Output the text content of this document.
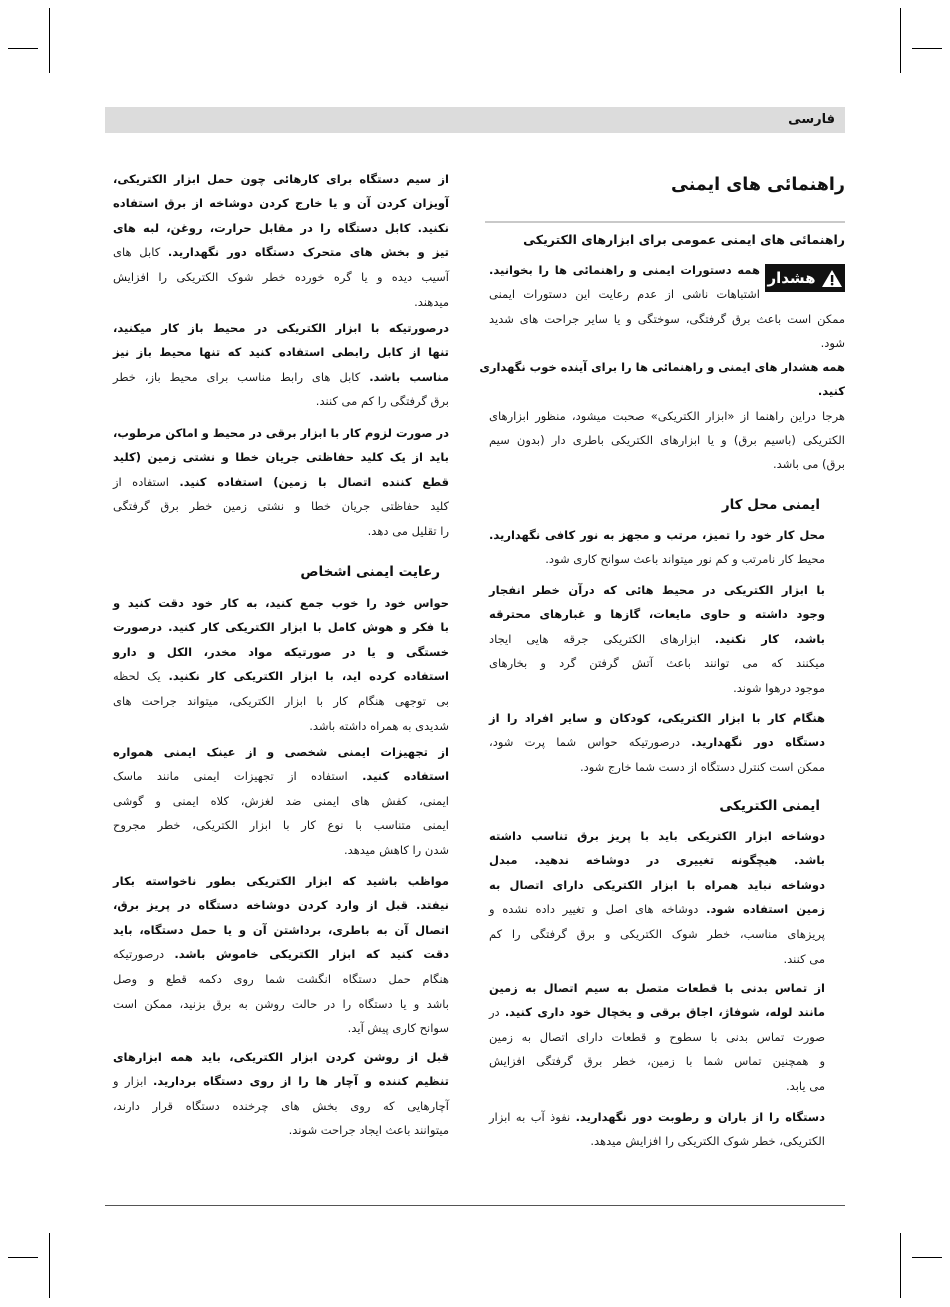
فارسی
راهنمائی های ایمنی
راهنمائی های ایمنی عمومی برای ابزارهای الکتریکی
هشدار
همه دستورات ایمنی و راهنمائی ها را بخوانید.
اشتباهات ناشی از عدم رعایت این دستورات ایمنی
ممکن است باعث برق گرفتگی، سوختگی و یا سایر جراحت های شدید
شود.
همه هشدار های ایمنی و راهنمائی ها را برای آینده خوب نگهداری
کنید.
هرجا دراین راهنما از «ابزار الکتریکی» صحبت میشود، منظور ابزارهای
الکتریکی (باسیم برق) و یا ابزارهای الکتریکی باطری دار (بدون سیم
برق) می باشد.
ایمنی محل کار
محل کار خود را تمیز، مرتب و مجهز به نور کافی نگهدارید.
محیط کار نامرتب و کم نور میتواند باعث سوانح کاری شود.
با ابزار الکتریکی در محیط هائی که درآن خطر انفجار
وجود داشته و حاوی مایعات، گازها و غبارهای محترقه
باشد، کار نکنید. ابزارهای الکتریکی جرقه هایی ایجاد
میکنند که می توانند باعث آتش گرفتن گرد و بخارهای
موجود درهوا شوند.
هنگام کار با ابزار الکتریکی، کودکان و سایر افراد را از
دستگاه دور نگهدارید. درصورتیکه حواس شما پرت شود،
ممکن است کنترل دستگاه از دست شما خارج شود.
ایمنی الکتریکی
دوشاخه ابزار الکتریکی باید با پریز برق تناسب داشته
باشد. هیچگونه تغییری در دوشاخه ندهید. مبدل
دوشاخه نباید همراه با ابزار الکتریکی دارای اتصال به
زمین استفاده شود. دوشاخه های اصل و تغییر داده نشده و
پریزهای مناسب، خطر شوک الکتریکی و برق گرفتگی را کم
می کنند.
از تماس بدنی با قطعات متصل به سیم اتصال به زمین
مانند لوله، شوفاژ، اجاق برقی و یخچال خود داری کنید. در
صورت تماس بدنی با سطوح و قطعات دارای اتصال به زمین
و همچنین تماس شما با زمین، خطر برق گرفتگی افزایش
می یابد.
دستگاه را از باران و رطوبت دور نگهدارید. نفوذ آب به ابزار
الکتریکی، خطر شوک الکتریکی را افزایش میدهد.
از سیم دستگاه برای کارهائی چون حمل ابزار الکتریکی،
آویزان کردن آن و یا خارج کردن دوشاخه از برق استفاده
نکنید. کابل دستگاه را در مقابل حرارت، روغن، لبه های
تیز و بخش های متحرک دستگاه دور نگهدارید. کابل های
آسیب دیده و یا گره خورده خطر شوک الکتریکی را افزایش
میدهند.
درصورتیکه با ابزار الکتریکی در محیط باز کار میکنید،
تنها از کابل رابطی استفاده کنید که تنها محیط باز نیز
مناسب باشد. کابل های رابط مناسب برای محیط باز، خطر
برق گرفتگی را کم می کنند.
در صورت لزوم کار با ابزار برقی در محیط و اماکن مرطوب،
باید از یک کلید حفاظتی جریان خطا و نشتی زمین (کلید
قطع کننده اتصال با زمین) استفاده کنید. استفاده از
کلید حفاظتی جریان خطا و نشتی زمین خطر برق گرفتگی
را تقلیل می دهد.
رعایت ایمنی اشخاص
حواس خود را خوب جمع کنید، به کار خود دقت کنید و
با فکر و هوش کامل با ابزار الکتریکی کار کنید. درصورت
خستگی و یا در صورتیکه مواد مخدر، الکل و دارو
استفاده کرده اید، با ابزار الکتریکی کار نکنید. یک لحظه
بی توجهی هنگام کار با ابزار الکتریکی، میتواند جراحت های
شدیدی به همراه داشته باشد.
از تجهیزات ایمنی شخصی و از عینک ایمنی همواره
استفاده کنید. استفاده از تجهیزات ایمنی مانند ماسک
ایمنی، کفش های ایمنی ضد لغزش، کلاه ایمنی و گوشی
ایمنی متناسب با نوع کار با ابزار الکتریکی، خطر مجروح
شدن را کاهش میدهد.
مواظب باشید که ابزار الکتریکی بطور ناخواسته بکار
نیفتد. قبل از وارد کردن دوشاخه دستگاه در پریز برق،
اتصال آن به باطری، برداشتن آن و یا حمل دستگاه، باید
دقت کنید که ابزار الکتریکی خاموش باشد. درصورتیکه
هنگام حمل دستگاه انگشت شما روی دکمه قطع و وصل
باشد و یا دستگاه را در حالت روشن به برق بزنید، ممکن است
سوانح کاری پیش آید.
قبل از روشن کردن ابزار الکتریکی، باید همه ابزارهای
تنظیم کننده و آچار ها را از روی دستگاه بردارید. ابزار و
آچارهایی که روی بخش های چرخنده دستگاه قرار دارند،
میتوانند باعث ایجاد جراحت شوند.
